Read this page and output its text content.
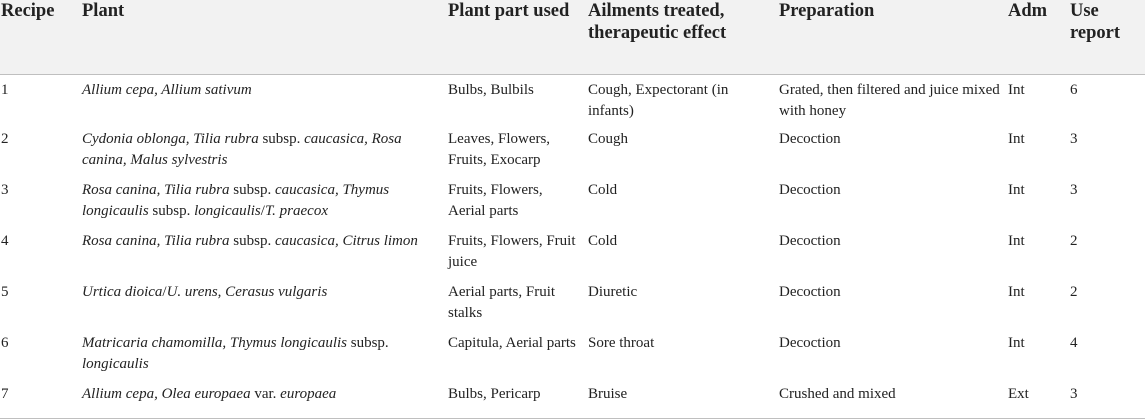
Recipe	Plant	Plant part used	Ailments treated, therapeutic effect	Preparation	Adm	Use report
1	Allium cepa, Allium sativum	Bulbs, Bulbils	Cough, Expectorant (in infants)	Grated, then filtered and juice mixed with honey	Int	6
2	Cydonia oblonga, Tilia rubra subsp. caucasica, Rosa canina, Malus sylvestris	Leaves, Flowers, Fruits, Exocarp	Cough	Decoction	Int	3
3	Rosa canina, Tilia rubra subsp. caucasica, Thymus longicaulis subsp. longicaulis/T. praecox	Fruits, Flowers, Aerial parts	Cold	Decoction	Int	3
4	Rosa canina, Tilia rubra subsp. caucasica, Citrus limon	Fruits, Flowers, Fruit juice	Cold	Decoction	Int	2
5	Urtica dioica/U. urens, Cerasus vulgaris	Aerial parts, Fruit stalks	Diuretic	Decoction	Int	2
6	Matricaria chamomilla, Thymus longicaulis subsp. longicaulis	Capitula, Aerial parts	Sore throat	Decoction	Int	4
7	Allium cepa, Olea europaea var. europaea	Bulbs, Pericarp	Bruise	Crushed and mixed	Ext	3
